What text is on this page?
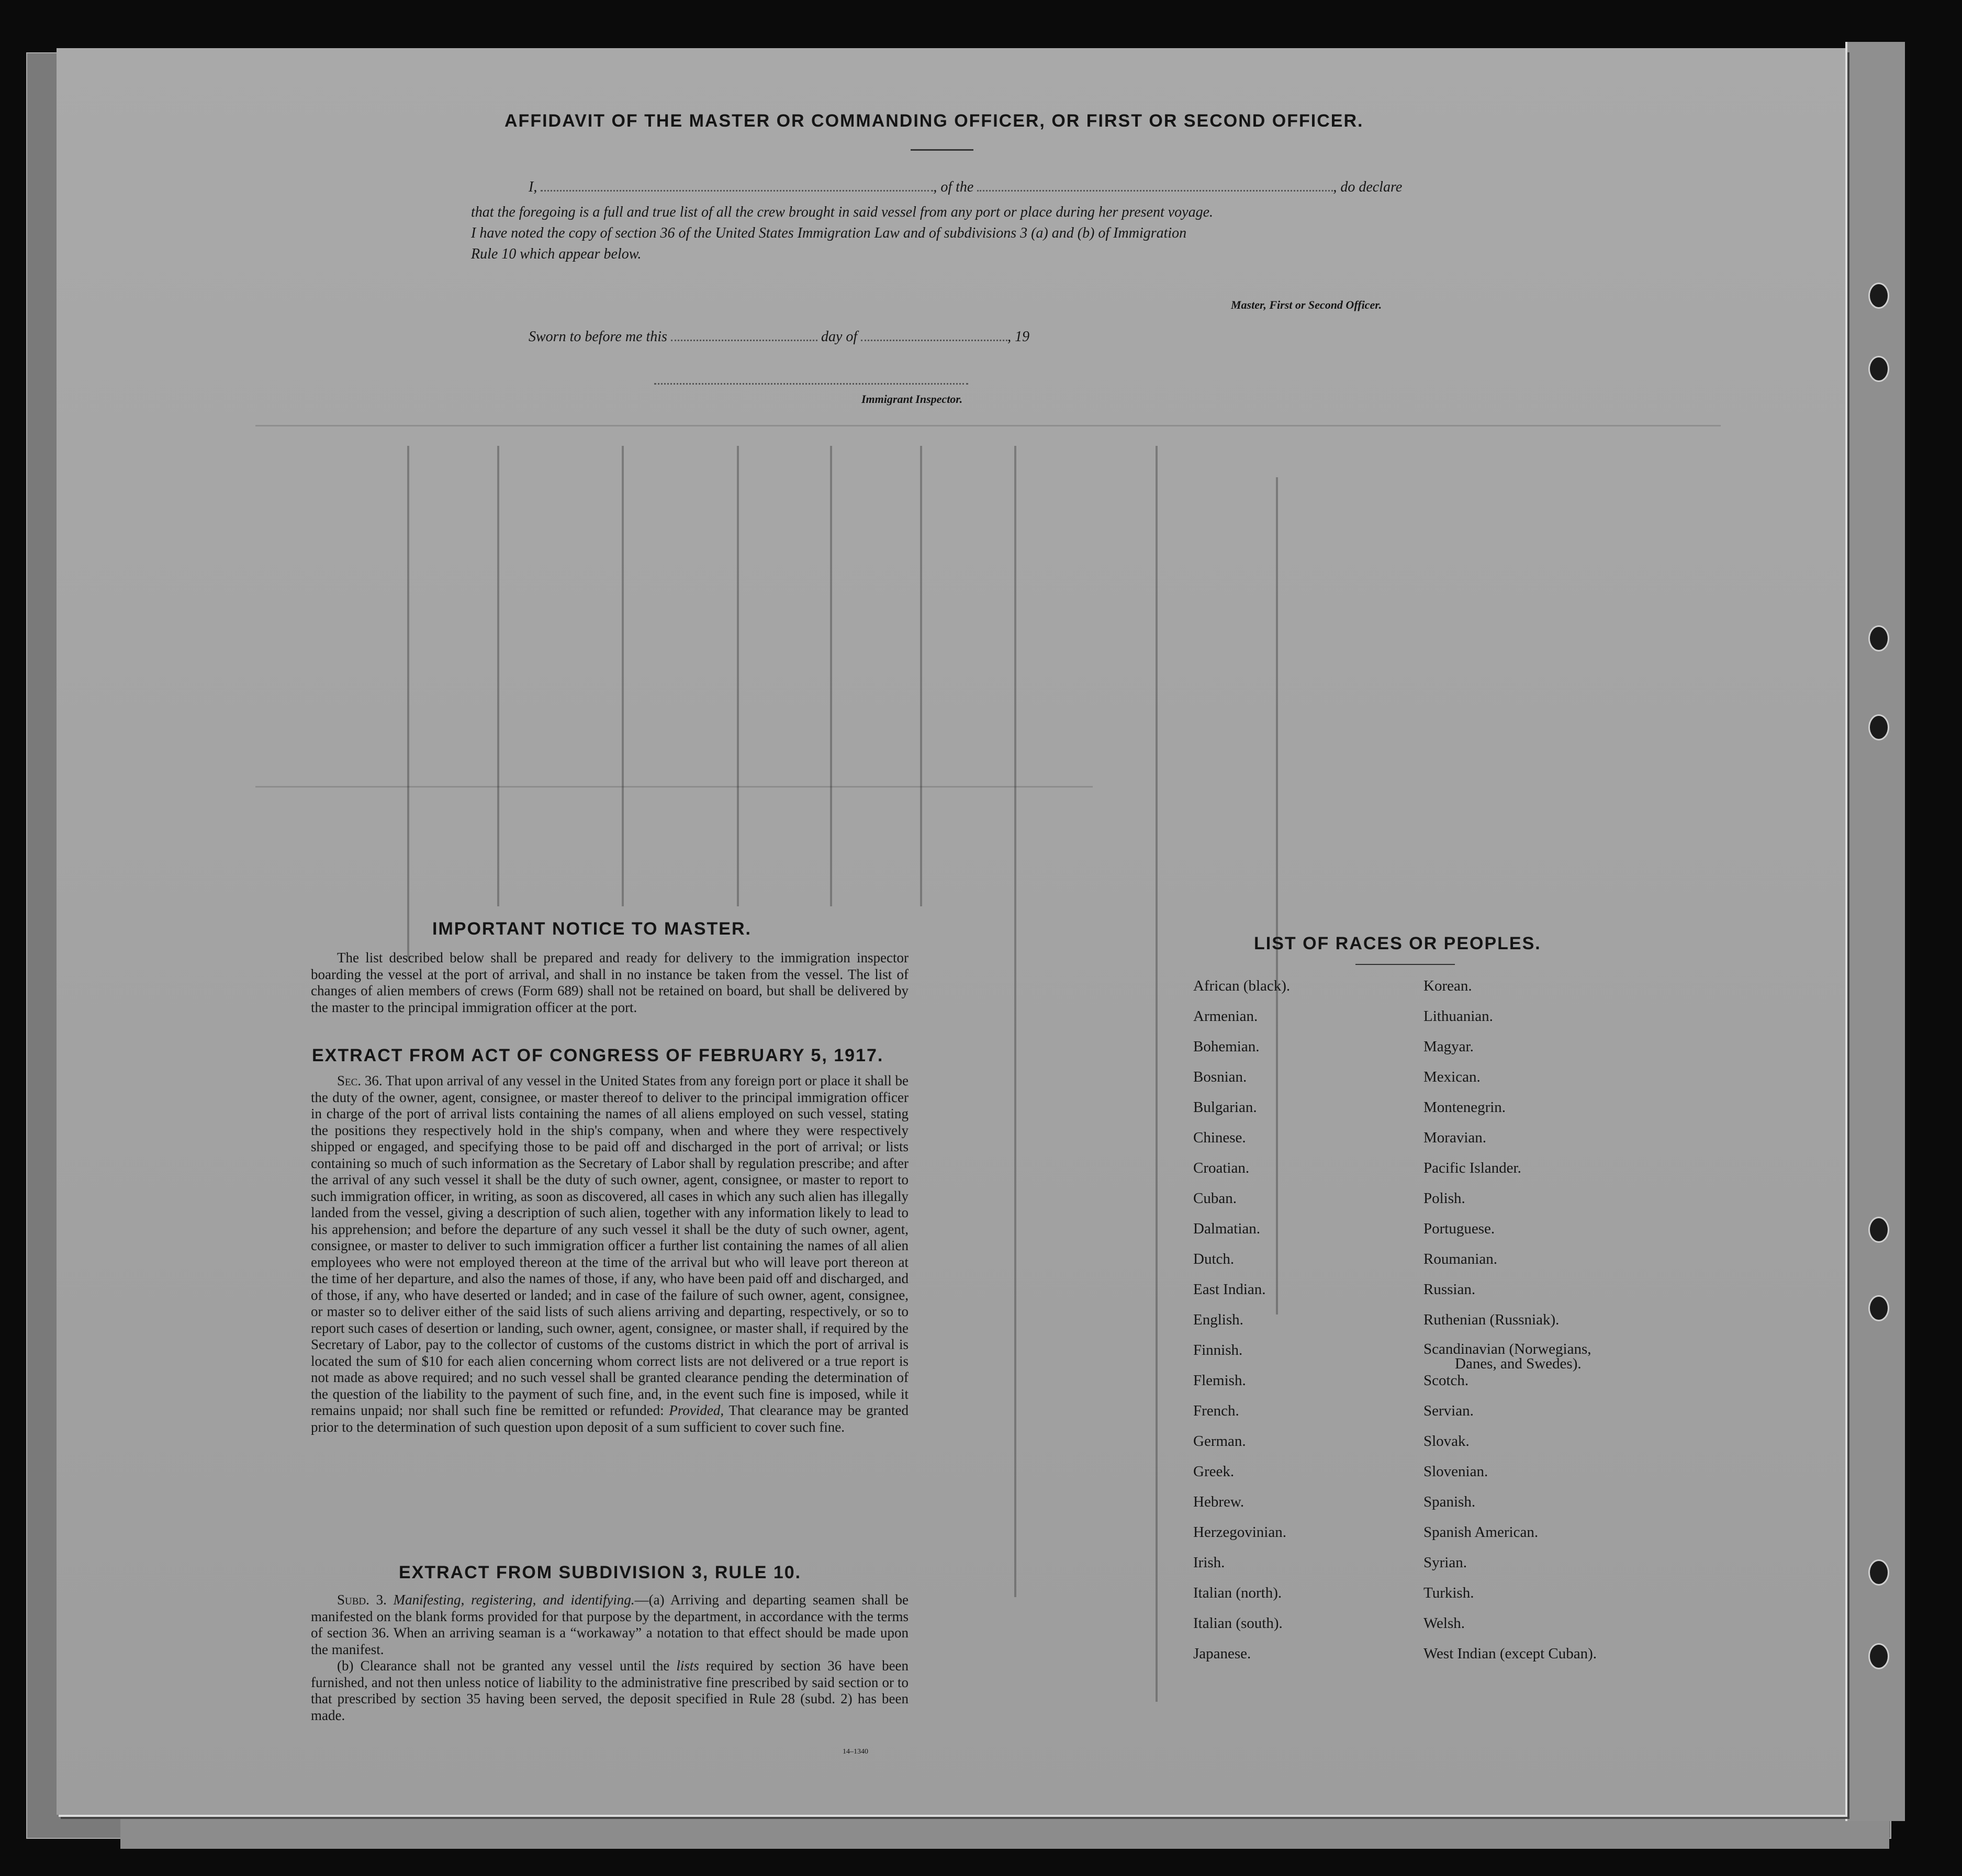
AFFIDAVIT OF THE MASTER OR COMMANDING OFFICER, OR FIRST OR SECOND OFFICER.
I,	, of the	, do declare
that the foregoing is a full and true list of all the crew brought in said vessel from any port or place during her present voyage.
I have noted the copy of section 36 of the United States Immigration Law and of subdivisions 3 (a) and (b) of Immigration
Rule 10 which appear below.
Master, First or Second Officer.
Sworn to before me this	day of	, 19
Immigrant Inspector.
IMPORTANT NOTICE TO MASTER.

The list described below shall be prepared and ready for delivery to the immigration inspector boarding the vessel at the port of arrival, and shall in no instance be taken from the vessel. The list of changes of alien members of crews (Form 689) shall not be retained on board, but shall be delivered by the master to the principal immigration officer at the port.

EXTRACT FROM ACT OF CONGRESS OF FEBRUARY 5, 1917.

Sec. 36. That upon arrival of any vessel in the United States from any foreign port or place it shall be the duty of the owner, agent, consignee, or master thereof to deliver to the principal immigration officer in charge of the port of arrival lists containing the names of all aliens employed on such vessel, stating the positions they respectively hold in the ship's company, when and where they were respectively shipped or engaged, and specifying those to be paid off and discharged in the port of arrival; or lists containing so much of such information as the Secretary of Labor shall by regulation prescribe; and after the arrival of any such vessel it shall be the duty of such owner, agent, consignee, or master to report to such immigration officer, in writing, as soon as discovered, all cases in which any such alien has illegally landed from the vessel, giving a description of such alien, together with any information likely to lead to his apprehension; and before the departure of any such vessel it shall be the duty of such owner, agent, consignee, or master to deliver to such immigration officer a further list containing the names of all alien employees who were not employed thereon at the time of the arrival but who will leave port thereon at the time of her departure, and also the names of those, if any, who have been paid off and discharged, and of those, if any, who have deserted or landed; and in case of the failure of such owner, agent, consignee, or master so to deliver either of the said lists of such aliens arriving and departing, respectively, or so to report such cases of desertion or landing, such owner, agent, consignee, or master shall, if required by the Secretary of Labor, pay to the collector of customs of the customs district in which the port of arrival is located the sum of $10 for each alien concerning whom correct lists are not delivered or a true report is not made as above required; and no such vessel shall be granted clearance pending the determination of the question of the liability to the payment of such fine, and, in the event such fine is imposed, while it remains unpaid; nor shall such fine be remitted or refunded: Provided, That clearance may be granted prior to the determination of such question upon deposit of a sum sufficient to cover such fine.

EXTRACT FROM SUBDIVISION 3, RULE 10.

Subd. 3. Manifesting, registering, and identifying.—(a) Arriving and departing seamen shall be manifested on the blank forms provided for that purpose by the department, in accordance with the terms of section 36. When an arriving seaman is a “workaway” a notation to that effect should be made upon the manifest.

(b) Clearance shall not be granted any vessel until the lists required by section 36 have been furnished, and not then unless notice of liability to the administrative fine prescribed by said section or to that prescribed by section 35 having been served, the deposit specified in Rule 28 (subd. 2) has been made.

14–1340
LIST OF RACES OR PEOPLES.
African (black).	Korean.
Armenian.	Lithuanian.
Bohemian.	Magyar.
Bosnian.	Mexican.
Bulgarian.	Montenegrin.
Chinese.	Moravian.
Croatian.	Pacific Islander.
Cuban.	Polish.
Dalmatian.	Portuguese.
Dutch.	Roumanian.
East Indian.	Russian.
English.	Ruthenian (Russniak).
Finnish.	Scandinavian (Norwegians,
Danes, and Swedes).
Flemish.	Scotch.
French.	Servian.
German.	Slovak.
Greek.	Slovenian.
Hebrew.	Spanish.
Herzegovinian.	Spanish American.
Irish.	Syrian.
Italian (north).	Turkish.
Italian (south).	Welsh.
Japanese.	West Indian (except Cuban).
